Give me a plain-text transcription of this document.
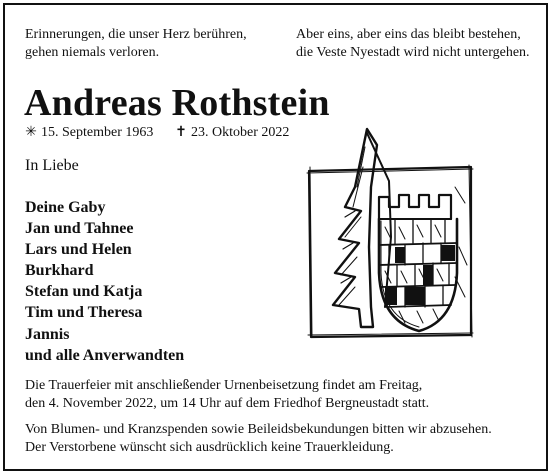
Erinnerungen, die unser Herz berühren,
gehen niemals verloren.
Aber eins, aber eins das bleibt bestehen,
die Veste Nyestadt wird nicht untergehen.
Andreas Rothstein
✳ 15. September 1963 ✝ 23. Oktober 2022
In Liebe
Deine Gaby
Jan und Tahnee
Lars und Helen
Burkhard
Stefan und Katja
Tim und Theresa
Jannis
und alle Anverwandten
Die Trauerfeier mit anschließender Urnenbeisetzung findet am Freitag,
den 4. November 2022, um 14 Uhr auf dem Friedhof Bergneustadt statt.
Von Blumen- und Kranzspenden sowie Beileidsbekundungen bitten wir abzusehen.
Der Verstorbene wünscht sich ausdrücklich keine Trauerkleidung.
